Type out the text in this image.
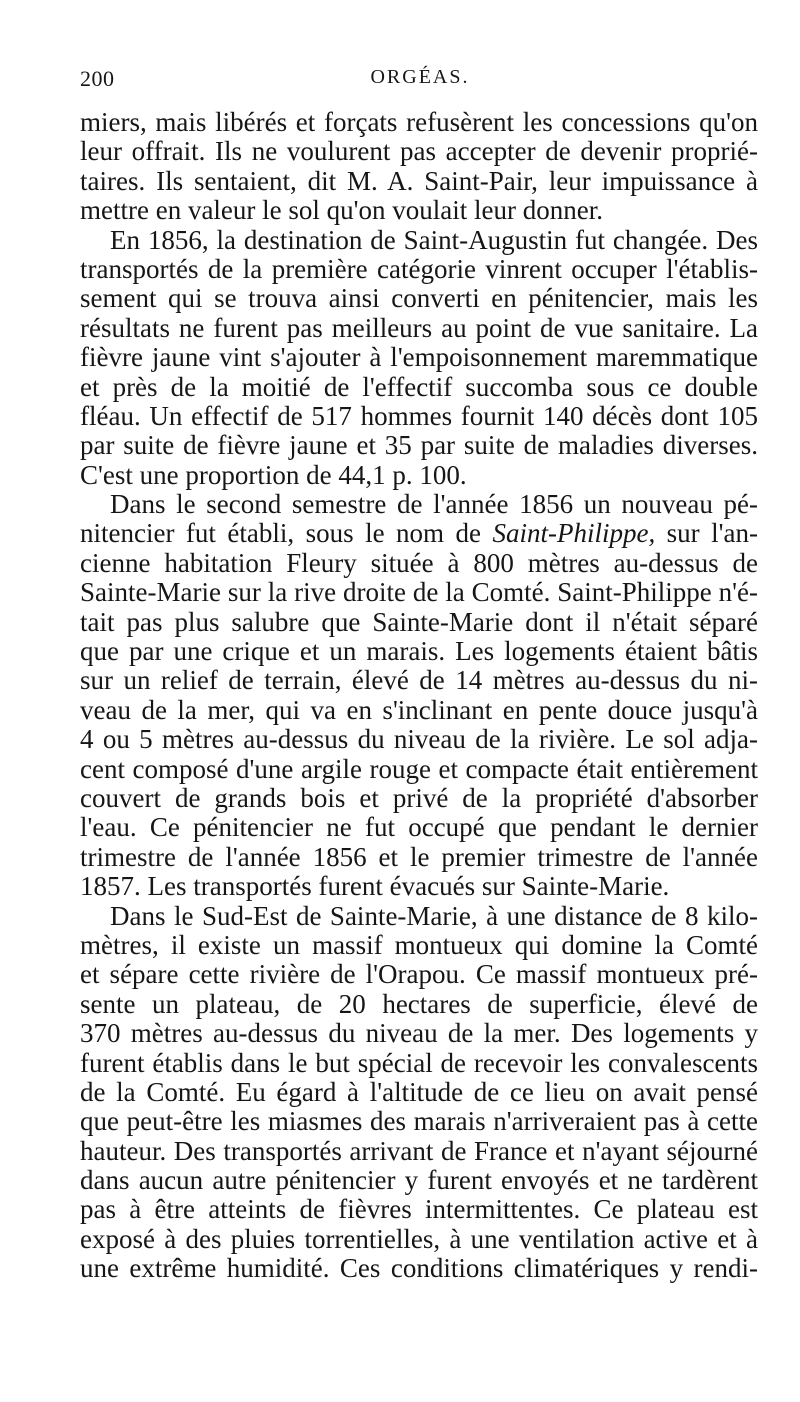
200	ORGÉAS.
miers, mais libérés et forçats refusèrent les concessions qu'on
leur offrait. Ils ne voulurent pas accepter de devenir proprié-
taires. Ils sentaient, dit M. A. Saint-Pair, leur impuissance à
mettre en valeur le sol qu'on voulait leur donner.
En 1856, la destination de Saint-Augustin fut changée. Des
transportés de la première catégorie vinrent occuper l'établis-
sement qui se trouva ainsi converti en pénitencier, mais les
résultats ne furent pas meilleurs au point de vue sanitaire. La
fièvre jaune vint s'ajouter à l'empoisonnement maremmatique
et près de la moitié de l'effectif succomba sous ce double
fléau. Un effectif de 517 hommes fournit 140 décès dont 105
par suite de fièvre jaune et 35 par suite de maladies diverses.
C'est une proportion de 44,1 p. 100.
Dans le second semestre de l'année 1856 un nouveau pé-
nitencier fut établi, sous le nom de Saint-Philippe, sur l'an-
cienne habitation Fleury située à 800 mètres au-dessus de
Sainte-Marie sur la rive droite de la Comté. Saint-Philippe n'é-
tait pas plus salubre que Sainte-Marie dont il n'était séparé
que par une crique et un marais. Les logements étaient bâtis
sur un relief de terrain, élevé de 14 mètres au-dessus du ni-
veau de la mer, qui va en s'inclinant en pente douce jusqu'à
4 ou 5 mètres au-dessus du niveau de la rivière. Le sol adja-
cent composé d'une argile rouge et compacte était entièrement
couvert de grands bois et privé de la propriété d'absorber
l'eau. Ce pénitencier ne fut occupé que pendant le dernier
trimestre de l'année 1856 et le premier trimestre de l'année
1857. Les transportés furent évacués sur Sainte-Marie.
Dans le Sud-Est de Sainte-Marie, à une distance de 8 kilo-
mètres, il existe un massif montueux qui domine la Comté
et sépare cette rivière de l'Orapou. Ce massif montueux pré-
sente un plateau, de 20 hectares de superficie, élevé de
370 mètres au-dessus du niveau de la mer. Des logements y
furent établis dans le but spécial de recevoir les convalescents
de la Comté. Eu égard à l'altitude de ce lieu on avait pensé
que peut-être les miasmes des marais n'arriveraient pas à cette
hauteur. Des transportés arrivant de France et n'ayant séjourné
dans aucun autre pénitencier y furent envoyés et ne tardèrent
pas à être atteints de fièvres intermittentes. Ce plateau est
exposé à des pluies torrentielles, à une ventilation active et à
une extrême humidité. Ces conditions climatériques y rendi-
